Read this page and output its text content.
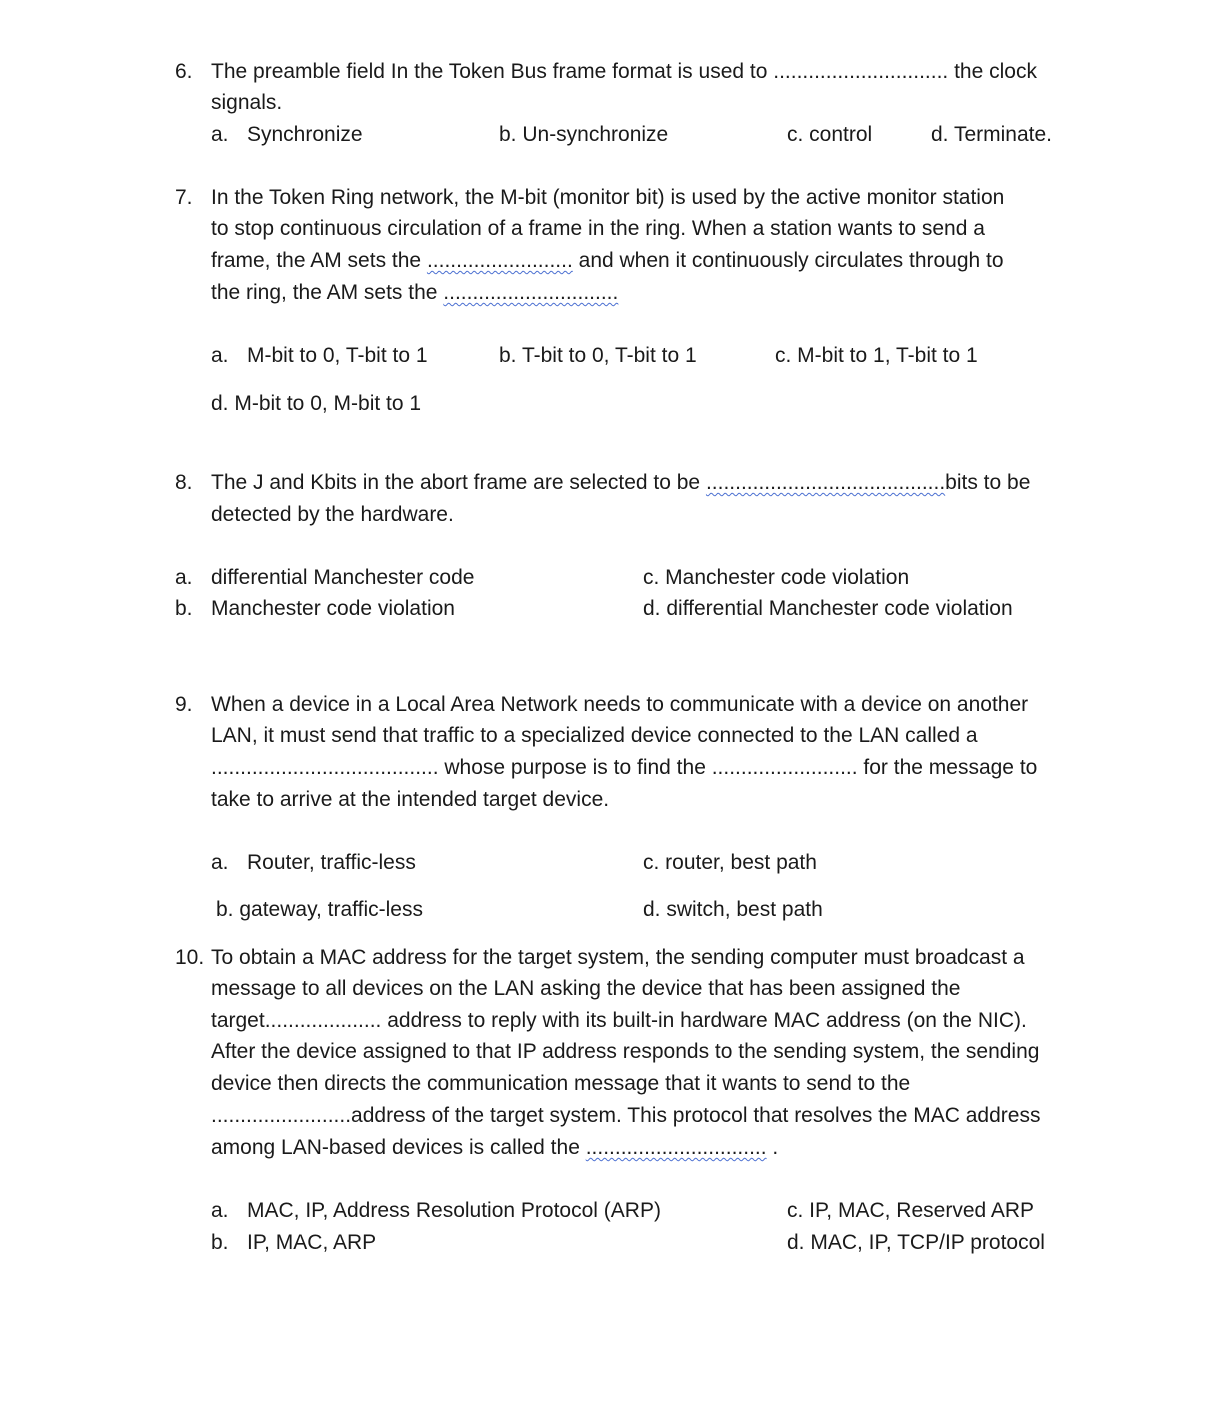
6. The preamble field In the Token Bus frame format is used to .............................. the clock
signals.
a. Synchronize	b. Un-synchronize	c. control	d. Terminate.
7. In the Token Ring network, the M-bit (monitor bit) is used by the active monitor station
to stop continuous circulation of a frame in the ring. When a station wants to send a
frame, the AM sets the ......................... and when it continuously circulates through to
the ring, the AM sets the ..............................
a. M-bit to 0, T-bit to 1	b. T-bit to 0, T-bit to 1	c. M-bit to 1, T-bit to 1
d. M-bit to 0, M-bit to 1
8. The J and Kbits in the abort frame are selected to be .........................................bits to be
detected by the hardware.
a. differential Manchester code
b. Manchester code violation
c. Manchester code violation
d. differential Manchester code violation
9. When a device in a Local Area Network needs to communicate with a device on another
LAN, it must send that traffic to a specialized device connected to the LAN called a
....................................... whose purpose is to find the ......................... for the message to
take to arrive at the intended target device.
a. Router, traffic-less
b. gateway, traffic-less
c. router, best path
d. switch, best path
10. To obtain a MAC address for the target system, the sending computer must broadcast a
message to all devices on the LAN asking the device that has been assigned the
target.................... address to reply with its built-in hardware MAC address (on the NIC).
After the device assigned to that IP address responds to the sending system, the sending
device then directs the communication message that it wants to send to the
........................address of the target system. This protocol that resolves the MAC address
among LAN-based devices is called the ............................... .
a. MAC, IP, Address Resolution Protocol (ARP)
b. IP, MAC, ARP
c. IP, MAC, Reserved ARP
d. MAC, IP, TCP/IP protocol
